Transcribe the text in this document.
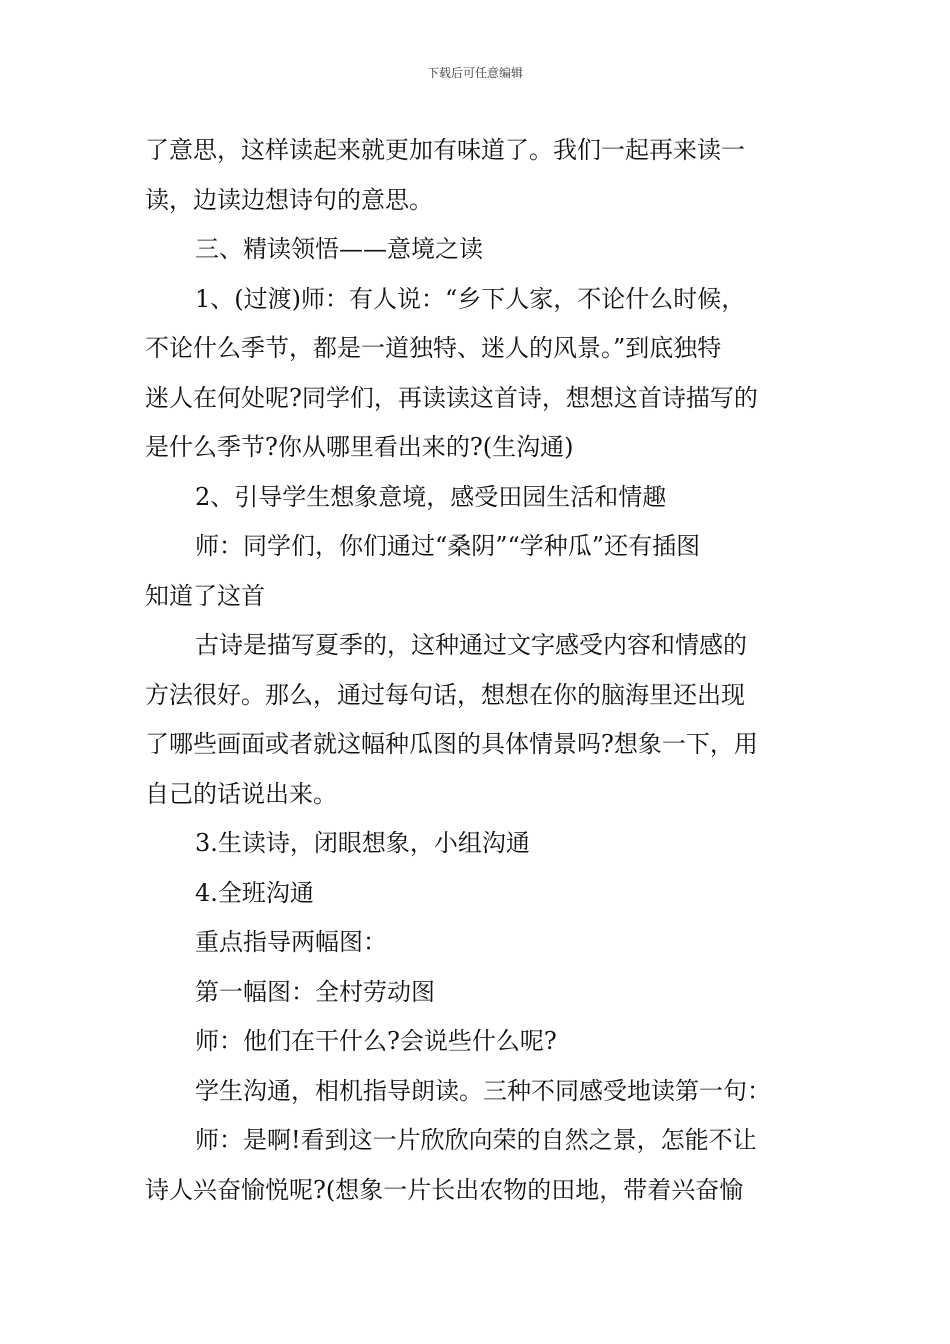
下载后可任意编辑
了意思，这样读起来就更加有味道了。我们一起再来读一
读，边读边想诗句的意思。
三、精读领悟——意境之读
1、(过渡)师：有人说：“乡下人家，不论什么时候，
不论什么季节，都是一道独特、迷人的风景。”到底独特
迷人在何处呢?同学们，再读读这首诗，想想这首诗描写的
是什么季节?你从哪里看出来的?(生沟通)
2、引导学生想象意境，感受田园生活和情趣
师：同学们，你们通过“桑阴”“学种瓜”还有插图
知道了这首
古诗是描写夏季的，这种通过文字感受内容和情感的
方法很好。那么，通过每句话，想想在你的脑海里还出现
了哪些画面或者就这幅种瓜图的具体情景吗?想象一下，用
自己的话说出来。
3.生读诗，闭眼想象，小组沟通
4.全班沟通
重点指导两幅图：
第一幅图：全村劳动图
师：他们在干什么?会说些什么呢?
学生沟通，相机指导朗读。三种不同感受地读第一句：
师：是啊!看到这一片欣欣向荣的自然之景，怎能不让
诗人兴奋愉悦呢?(想象一片长出农物的田地，带着兴奋愉
